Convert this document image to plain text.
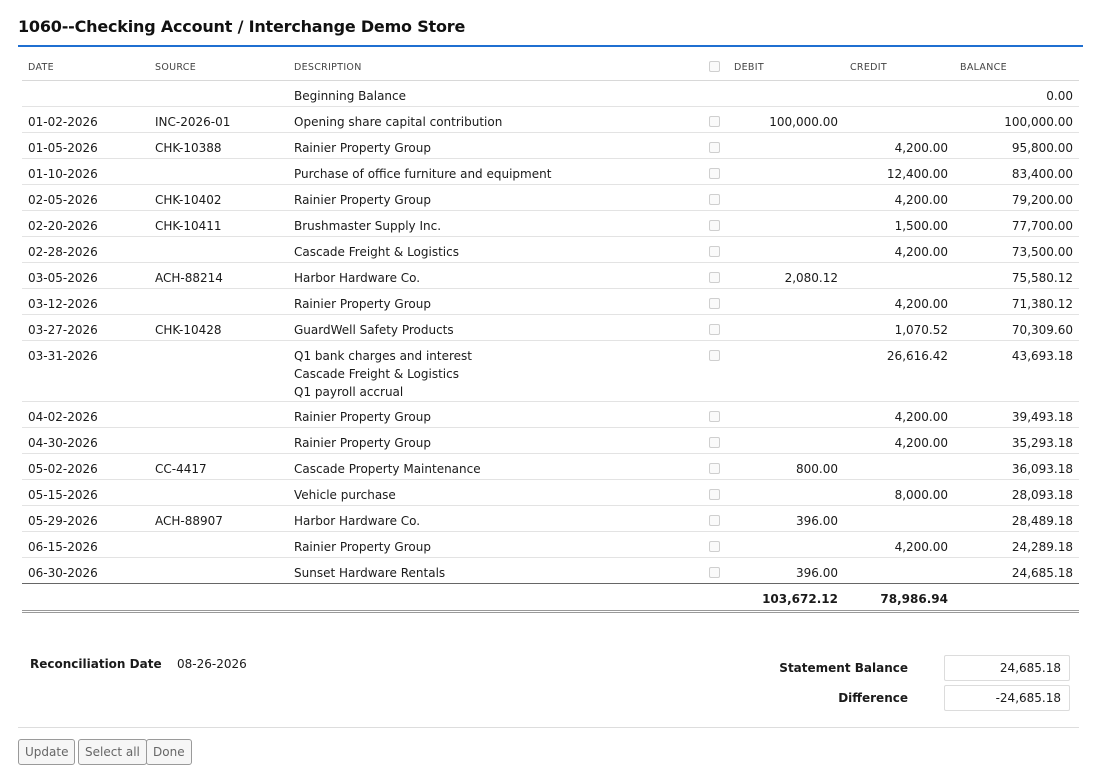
1060--Checking Account / Interchange Demo Store
DATE	SOURCE	DESCRIPTION		DEBIT	CREDIT	BALANCE
		Beginning Balance				0.00
01-02-2026	INC-2026-01	Opening share capital contribution		100,000.00		100,000.00
01-05-2026	CHK-10388	Rainier Property Group			4,200.00	95,800.00
01-10-2026		Purchase of office furniture and equipment			12,400.00	83,400.00
02-05-2026	CHK-10402	Rainier Property Group			4,200.00	79,200.00
02-20-2026	CHK-10411	Brushmaster Supply Inc.			1,500.00	77,700.00
02-28-2026		Cascade Freight & Logistics			4,200.00	73,500.00
03-05-2026	ACH-88214	Harbor Hardware Co.		2,080.12		75,580.12
03-12-2026		Rainier Property Group			4,200.00	71,380.12
03-27-2026	CHK-10428	GuardWell Safety Products			1,070.52	70,309.60
03-31-2026		Q1 bank charges and interest
Cascade Freight & Logistics
Q1 payroll accrual			26,616.42	43,693.18
04-02-2026		Rainier Property Group			4,200.00	39,493.18
04-30-2026		Rainier Property Group			4,200.00	35,293.18
05-02-2026	CC-4417	Cascade Property Maintenance		800.00		36,093.18
05-15-2026		Vehicle purchase			8,000.00	28,093.18
05-29-2026	ACH-88907	Harbor Hardware Co.		396.00		28,489.18
06-15-2026		Rainier Property Group			4,200.00	24,289.18
06-30-2026		Sunset Hardware Rentals		396.00		24,685.18
				103,672.12	78,986.94	
Reconciliation Date 08-26-2026	Statement Balance	24,685.18
Difference	-24,685.18
Update	Select all	Done
